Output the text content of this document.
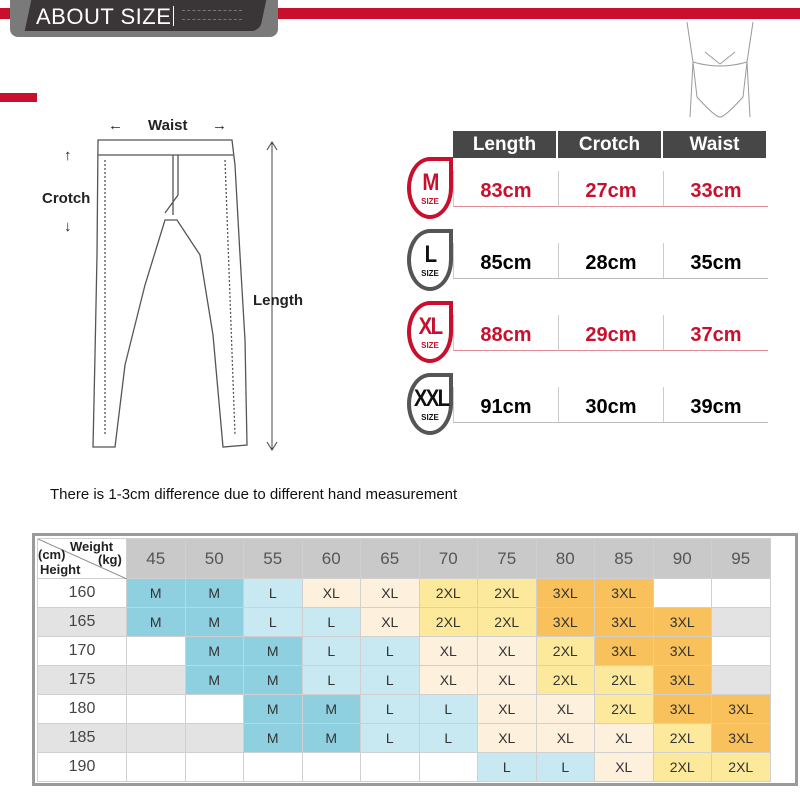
ABOUT SIZE
← Waist →
↑
Crotch
↓
Length
Length	Crotch	Waist
M
SIZE	83cm	27cm	33cm
L
SIZE	85cm	28cm	35cm
XL
SIZE	88cm	29cm	37cm
XXL
SIZE	91cm	30cm	39cm
There is 1-3cm difference due to different hand measurement
Weight
(kg)
(cm)
Height	45	50	55	60	65	70	75	80	85	90	95
160	M	M	L	XL	XL	2XL	2XL	3XL	3XL		
165	M	M	L	L	XL	2XL	2XL	3XL	3XL	3XL	
170		M	M	L	L	XL	XL	2XL	3XL	3XL	
175		M	M	L	L	XL	XL	2XL	2XL	3XL	
180			M	M	L	L	XL	XL	2XL	3XL	3XL
185			M	M	L	L	XL	XL	XL	2XL	3XL
190							L	L	XL	2XL	2XL
